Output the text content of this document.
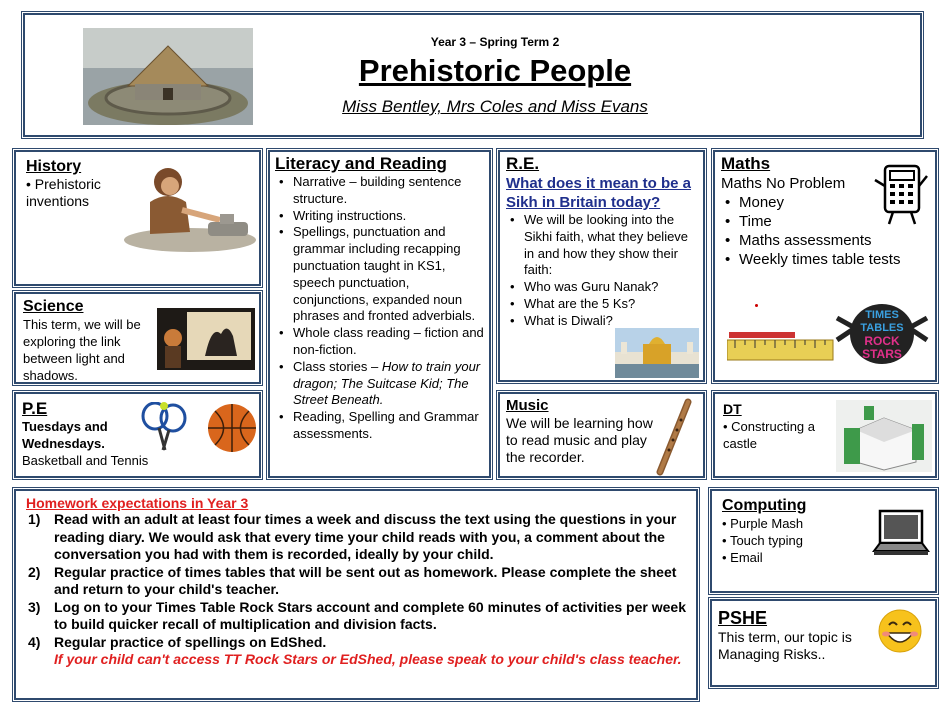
Year 3 – Spring Term 2
Prehistoric People
Miss Bentley, Mrs Coles and Miss Evans
History
• Prehistoric inventions
Science
This term, we will be exploring the link between light and shadows.
P.E
Tuesdays and Wednesdays.
Basketball and Tennis
Literacy and Reading
• Narrative – building sentence structure.
• Writing instructions.
• Spellings, punctuation and grammar including recapping punctuation taught in KS1, speech punctuation, conjunctions, expanded noun phrases and fronted adverbials.
• Whole class reading – fiction and non-fiction.
• Class stories – How to train your dragon; The Suitcase Kid; The Street Beneath.
• Reading, Spelling and Grammar assessments.
R.E.
What does it mean to be a Sikh in Britain today?
• We will be looking into the Sikhi faith, what they believe in and how they show their faith:
• Who was Guru Nanak?
• What are the 5 Ks?
• What is Diwali?
Music
We will be learning how to read music and play the recorder.
Maths
Maths No Problem
• Money
• Time
• Maths assessments
• Weekly times table tests
TIMES
TABLES
ROCK
STARS
DT
• Constructing a castle
Homework expectations in Year 3
1) Read with an adult at least four times a week and discuss the text using the questions in your reading diary. We would ask that every time your child reads with you, a comment about the conversation you had with them is recorded, ideally by your child.
2) Regular practice of times tables that will be sent out as homework. Please complete the sheet and return to your child's teacher.
3) Log on to your Times Table Rock Stars account and complete 60 minutes of activities per week to build quicker recall of multiplication and division facts.
4) Regular practice of spellings on EdShed.
If your child can't access TT Rock Stars or EdShed, please speak to your child's class teacher.
Computing
• Purple Mash
• Touch typing
• Email
PSHE
This term, our topic is Managing Risks..
